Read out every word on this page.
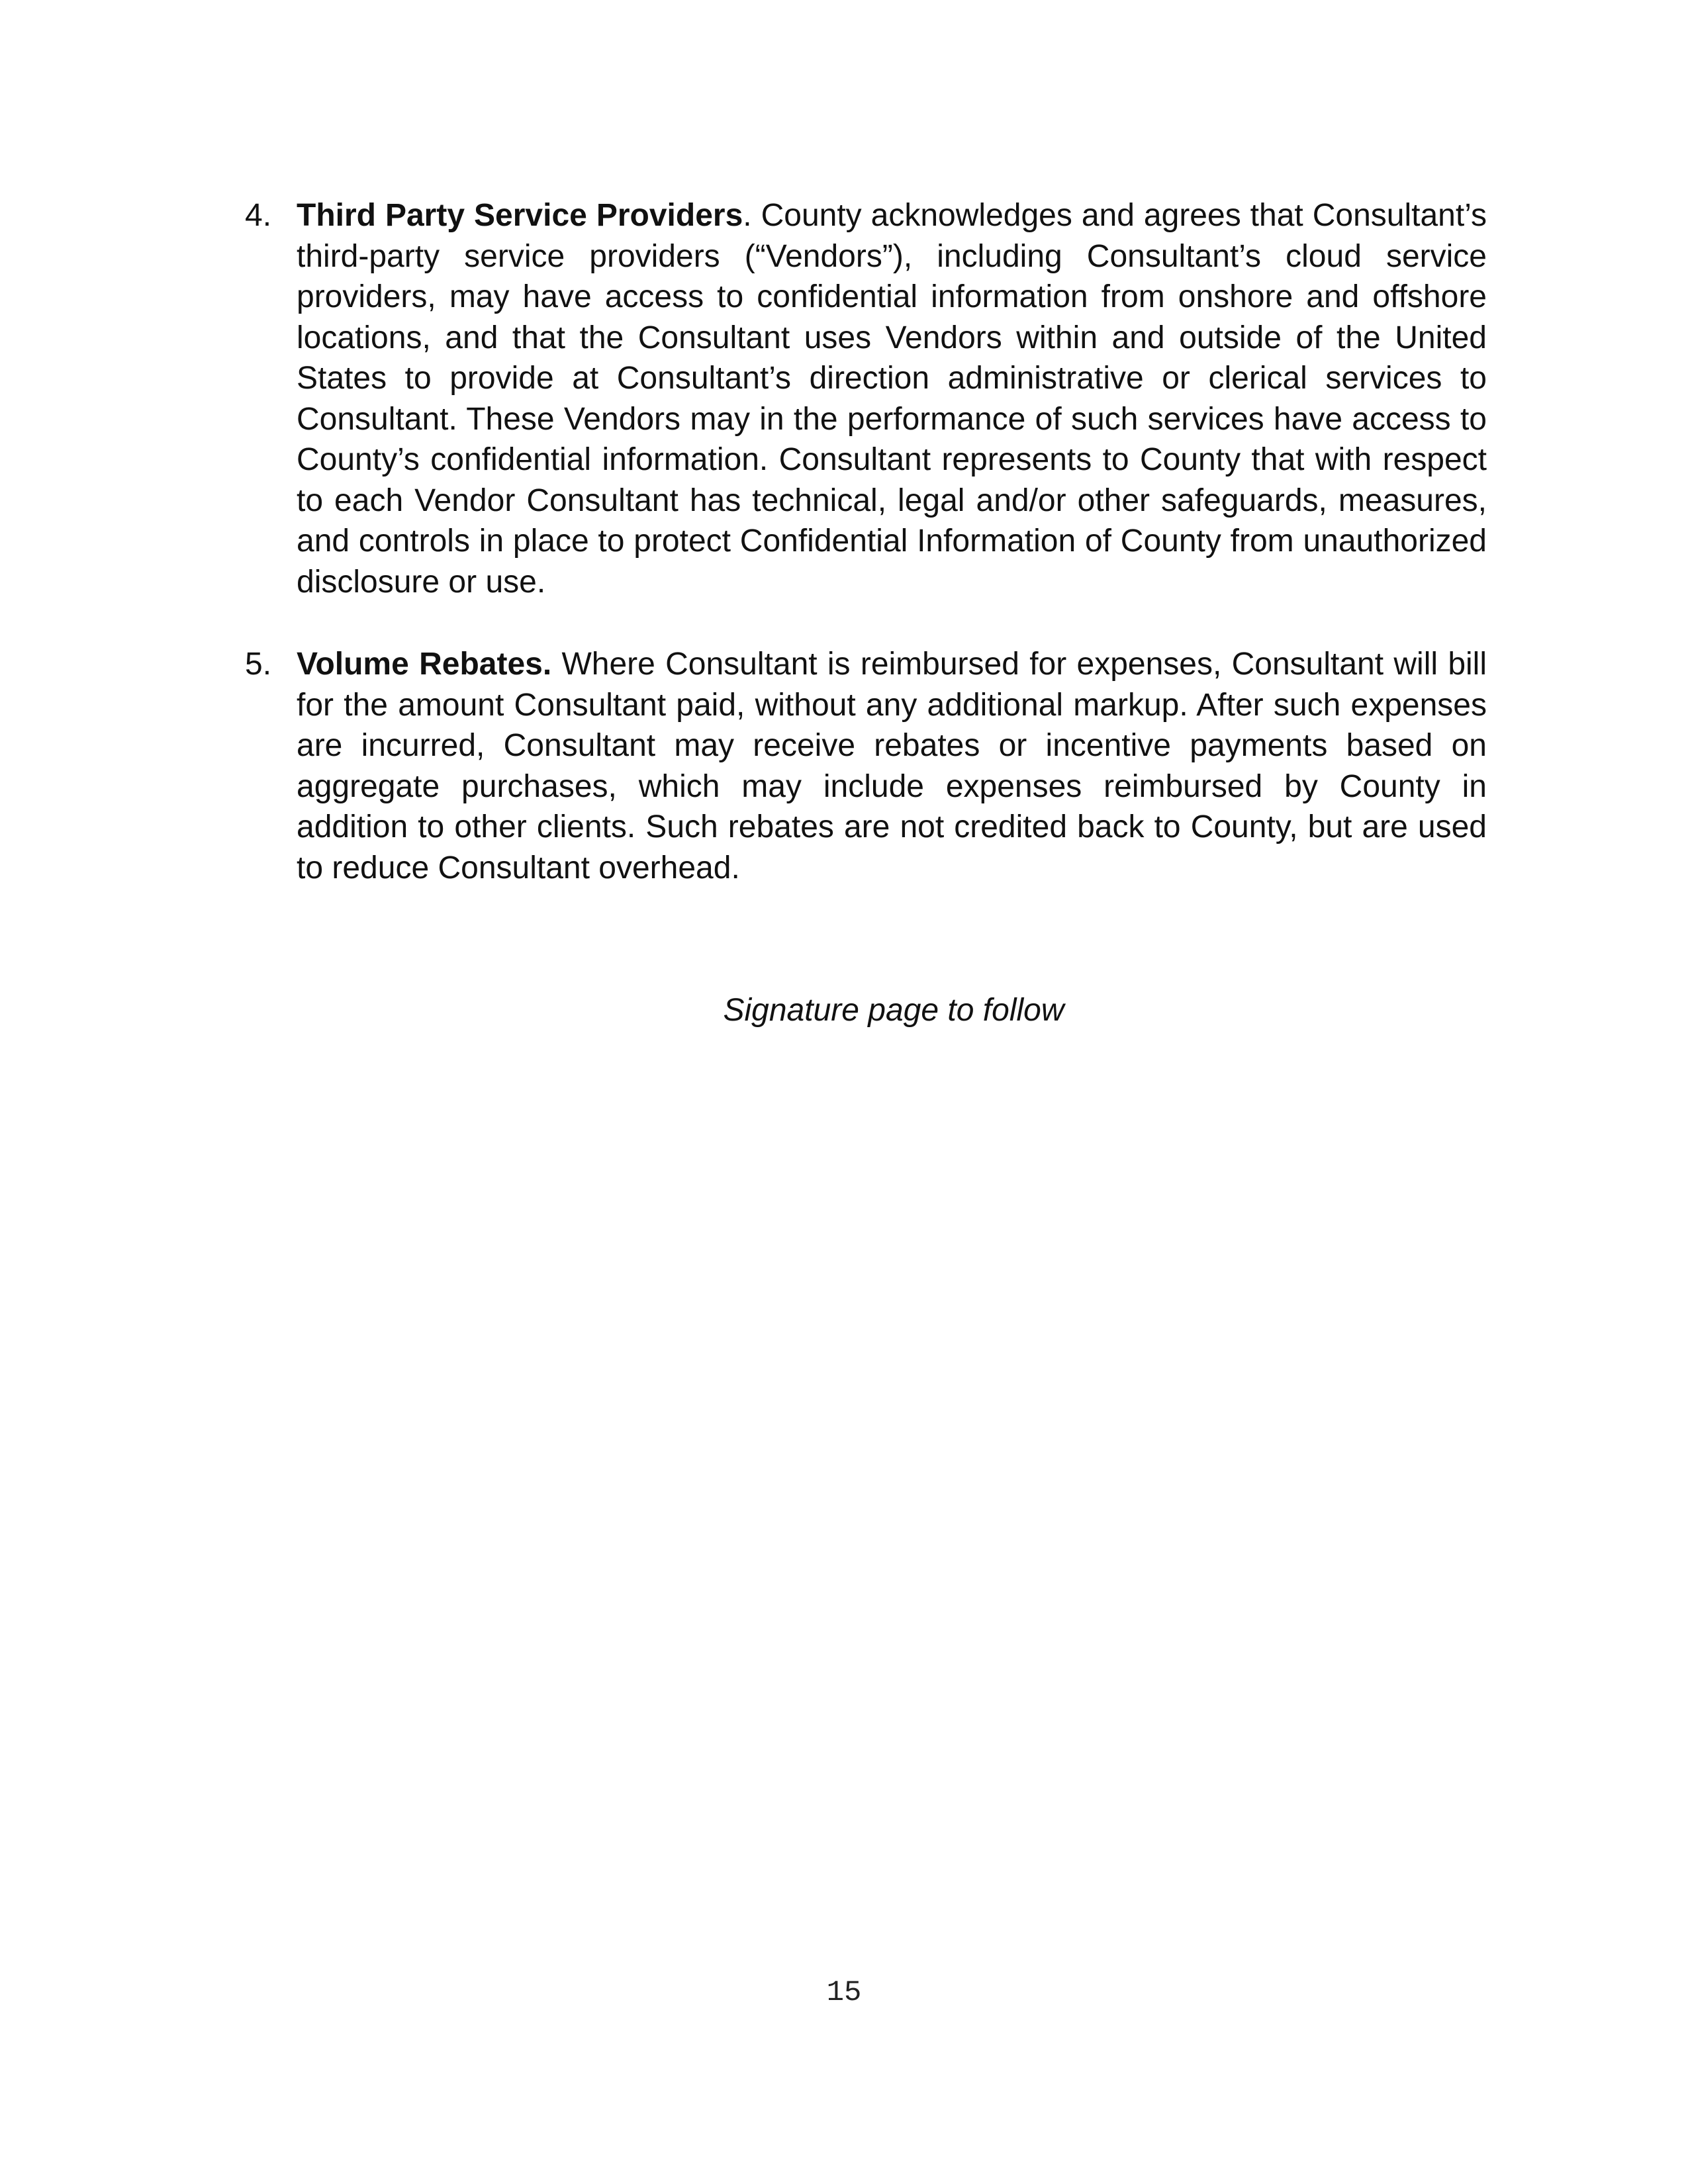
4. Third Party Service Providers. County acknowledges and agrees that Consultant’s third-party service providers (“Vendors”), including Consultant’s cloud service providers, may have access to confidential information from onshore and offshore locations, and that the Consultant uses Vendors within and outside of the United States to provide at Consultant’s direction administrative or clerical services to Consultant. These Vendors may in the performance of such services have access to County’s confidential information. Consultant represents to County that with respect to each Vendor Consultant has technical, legal and/or other safeguards, measures, and controls in place to protect Confidential Information of County from unauthorized disclosure or use.
5. Volume Rebates. Where Consultant is reimbursed for expenses, Consultant will bill for the amount Consultant paid, without any additional markup. After such expenses are incurred, Consultant may receive rebates or incentive payments based on aggregate purchases, which may include expenses reimbursed by County in addition to other clients. Such rebates are not credited back to County, but are used to reduce Consultant overhead.
Signature page to follow
15
